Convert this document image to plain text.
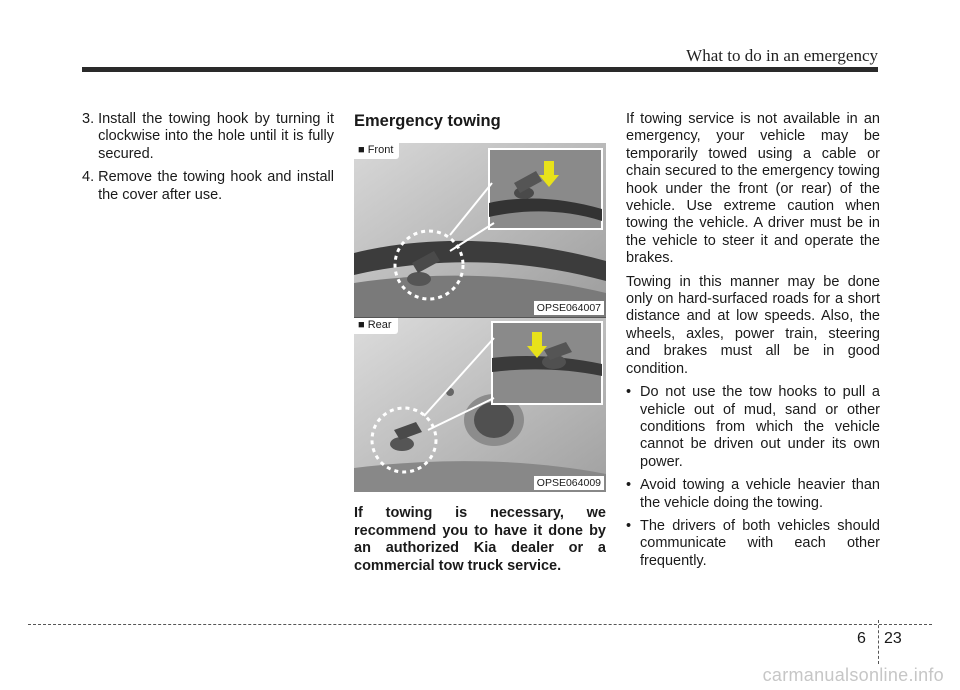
What to do in an emergency
3. Install the towing hook by turning it clockwise into the hole until it is fully secured.
4. Remove the towing hook and install the cover after use.
Emergency towing
■ Front
OPSE064007
■ Rear
OPSE064009

If towing is necessary, we recommend you to have it done by an authorized Kia dealer or a commercial tow truck service.

If towing service is not available in an emergency, your vehicle may be temporarily towed using a cable or chain secured to the emergency towing hook under the front (or rear) of the vehicle. Use extreme caution when towing the vehicle. A driver must be in the vehicle to steer it and operate the brakes.

Towing in this manner may be done only on hard-surfaced roads for a short distance and at low speeds. Also, the wheels, axles, power train, steering and brakes must all be in good condition.

• Do not use the tow hooks to pull a vehicle out of mud, sand or other conditions from which the vehicle cannot be driven out under its own power.
• Avoid towing a vehicle heavier than the vehicle doing the towing.
• The drivers of both vehicles should communicate with each other frequently.
6 23
carmanualsonline.info
